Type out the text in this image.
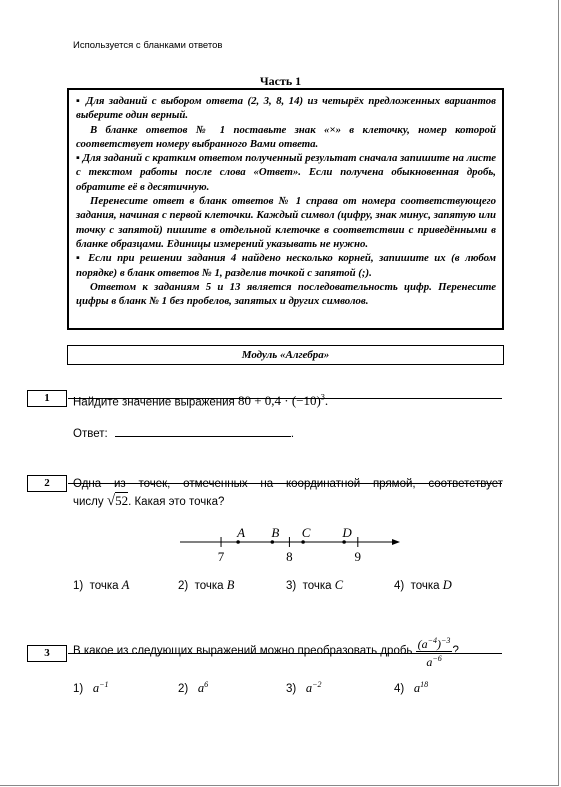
Используется с бланками ответов
Часть 1

▪ Для заданий с выбором ответа (2, 3, 8, 14) из четырёх предложенных вариантов выберите один верный.

В бланке ответов № 1 поставьте знак «×» в клеточку, номер которой соответствует номеру выбранного Вами ответа.

▪ Для заданий с кратким ответом полученный результат сначала запишите на листе с текстом работы после слова «Ответ». Если получена обыкновенная дробь, обратите её в десятичную.

Перенесите ответ в бланк ответов № 1 справа от номера соответствующего задания, начиная с первой клеточки. Каждый символ (цифру, знак минус, запятую или точку с запятой) пишите в отдельной клеточке в соответствии с приведёнными в бланке образцами. Единицы измерений указывать не нужно.

▪ Если при решении задания 4 найдено несколько корней, запишите их (в любом порядке) в бланк ответов № 1, разделив точкой с запятой (;).

Ответом к заданиям 5 и 13 является последовательность цифр. Перенесите цифры в бланк № 1 без пробелов, запятых и других символов.

Модуль «Алгебра»
1	Найдите значение выражения $80 + 0,4 \cdot (-10)^3$.
Ответ:	.
2	Одна из точек, отмеченных на координатной прямой, соответствует
числу √52. Какая это точка?
7	8	9
A B C D
1) точка A	2) точка B	3) точка C	4) точка D
3	В какое из следующих выражений можно преобразовать дробь $\frac{(a^{-4})^{-3}}{a^{-6}}$ ?
1) $a^{-1}$	2) $a^6$	3) $a^{-2}$	4) $a^{18}$
